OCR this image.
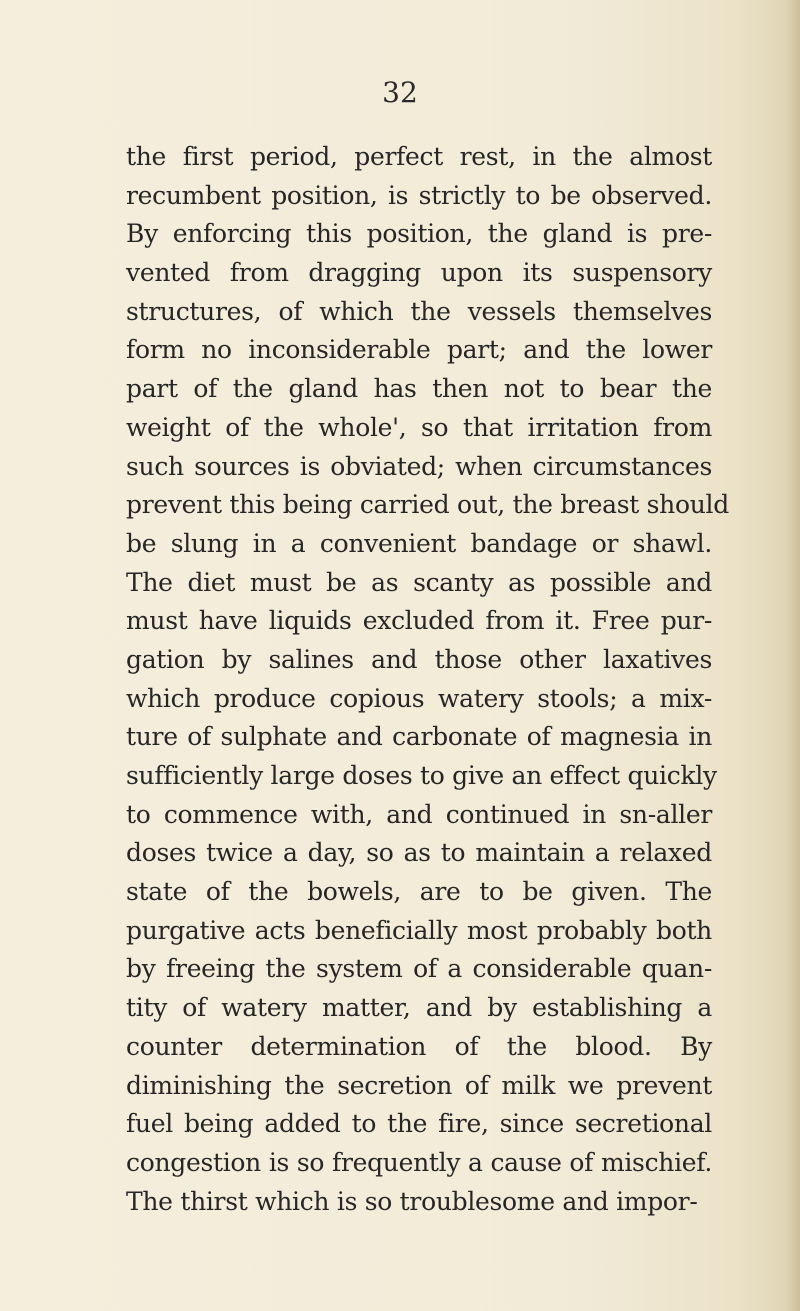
32
the first period, perfect rest, in the almost
recumbent position, is strictly to be observed.
By enforcing this position, the gland is pre-
vented from dragging upon its suspensory
structures, of which the vessels themselves
form no inconsiderable part; and the lower
part of the gland has then not to bear the
weight of the whole', so that irritation from
such sources is obviated; when circumstances
prevent this being carried out, the breast should
be slung in a convenient bandage or shawl.
The diet must be as scanty as possible and
must have liquids excluded from it. Free pur-
gation by salines and those other laxatives
which produce copious watery stools; a mix-
ture of sulphate and carbonate of magnesia in
sufficiently large doses to give an effect quickly
to commence with, and continued in sn-aller
doses twice a day, so as to maintain a relaxed
state of the bowels, are to be given. The
purgative acts beneficially most probably both
by freeing the system of a considerable quan-
tity of watery matter, and by establishing a
counter determination of the blood. By
diminishing the secretion of milk we prevent
fuel being added to the fire, since secretional
congestion is so frequently a cause of mischief.
The thirst which is so troublesome and impor-
